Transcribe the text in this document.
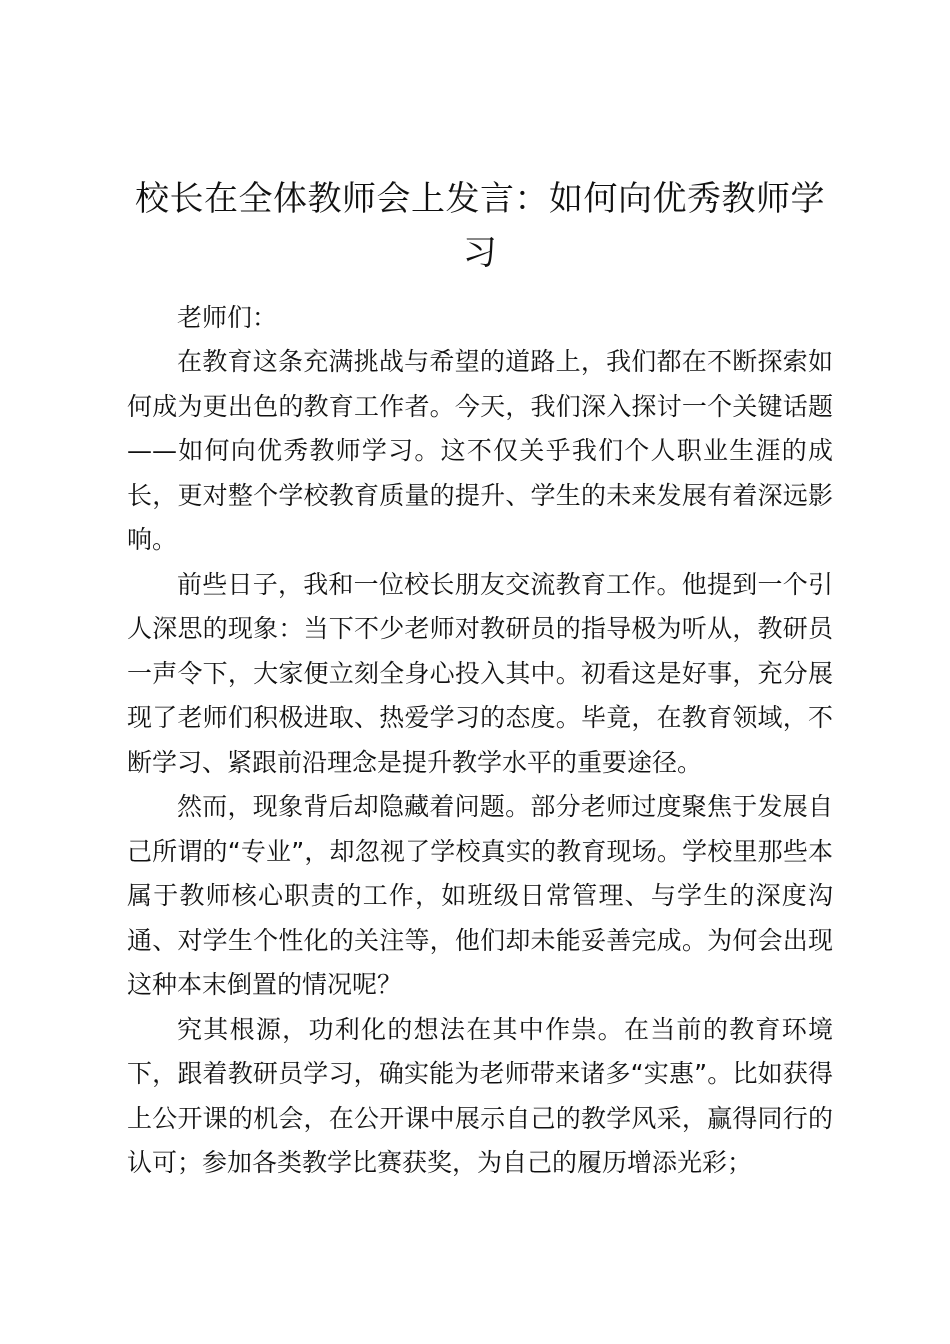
校长在全体教师会上发言：如何向优秀教师学习

老师们：

在教育这条充满挑战与希望的道路上，我们都在不断探索如何成为更出色的教育工作者。今天，我们深入探讨一个关键话题——如何向优秀教师学习。这不仅关乎我们个人职业生涯的成长，更对整个学校教育质量的提升、学生的未来发展有着深远影响。

前些日子，我和一位校长朋友交流教育工作。他提到一个引人深思的现象：当下不少老师对教研员的指导极为听从，教研员一声令下，大家便立刻全身心投入其中。初看这是好事，充分展现了老师们积极进取、热爱学习的态度。毕竟，在教育领域，不断学习、紧跟前沿理念是提升教学水平的重要途径。

然而，现象背后却隐藏着问题。部分老师过度聚焦于发展自己所谓的“专业”，却忽视了学校真实的教育现场。学校里那些本属于教师核心职责的工作，如班级日常管理、与学生的深度沟通、对学生个性化的关注等，他们却未能妥善完成。为何会出现这种本末倒置的情况呢？

究其根源，功利化的想法在其中作祟。在当前的教育环境下，跟着教研员学习，确实能为老师带来诸多“实惠”。比如获得上公开课的机会，在公开课中展示自己的教学风采，赢得同行的认可；参加各类教学比赛获奖，为自己的履历增添光彩；
